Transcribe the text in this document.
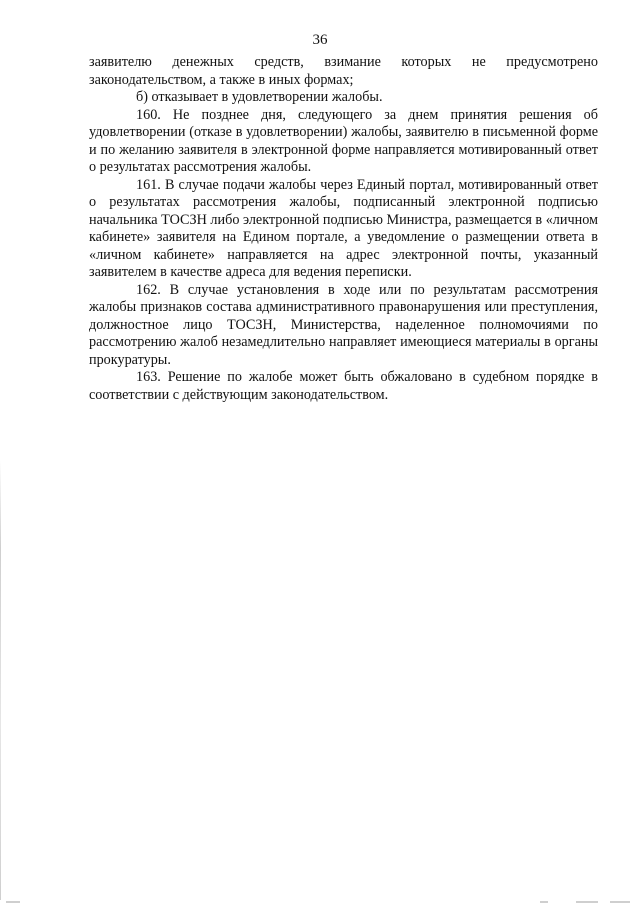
36

заявителю денежных средств, взимание которых не предусмотрено законодательством, а также в иных формах;

б) отказывает в удовлетворении жалобы.

160. Не позднее дня, следующего за днем принятия решения об удовлетворении (отказе в удовлетворении) жалобы, заявителю в письменной форме и по желанию заявителя в электронной форме направляется мотивированный ответ о результатах рассмотрения жалобы.

161. В случае подачи жалобы через Единый портал, мотивированный ответ о результатах рассмотрения жалобы, подписанный электронной подписью начальника ТОСЗН либо электронной подписью Министра, размещается в «личном кабинете» заявителя на Едином портале, а уведомление о размещении ответа в «личном кабинете» направляется на адрес электронной почты, указанный заявителем в качестве адреса для ведения переписки.

162. В случае установления в ходе или по результатам рассмотрения жалобы признаков состава административного правонарушения или преступления, должностное лицо ТОСЗН, Министерства, наделенное полномочиями по рассмотрению жалоб незамедлительно направляет имеющиеся материалы в органы прокуратуры.

163. Решение по жалобе может быть обжаловано в судебном порядке в соответствии с действующим законодательством.
